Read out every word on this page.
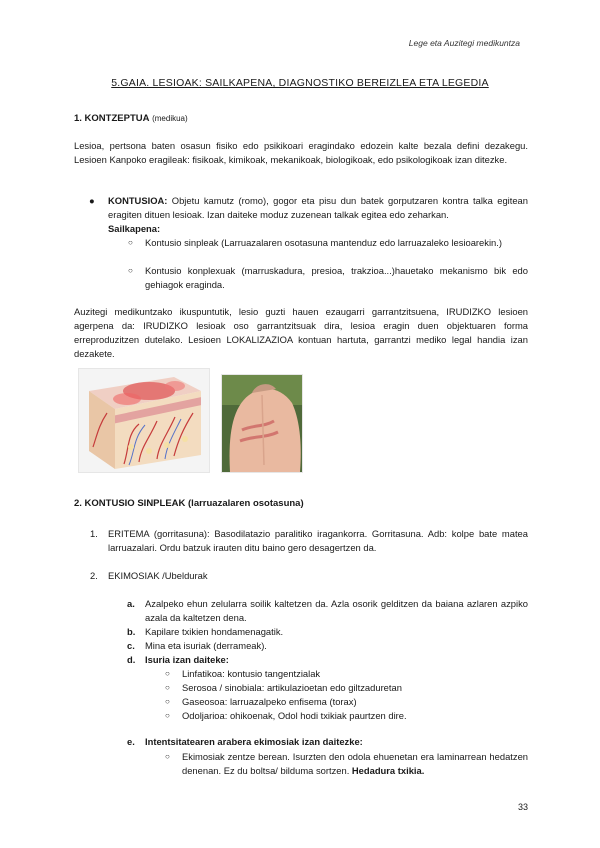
Lege eta Auzitegi medikuntza
5.GAIA. LESIOAK: SAILKAPENA, DIAGNOSTIKO BEREIZLEA ETA LEGEDIA
1. KONTZEPTUA (medikua)
Lesioa, pertsona baten osasun fisiko edo psikikoari eragindako edozein kalte bezala defini dezakegu. Lesioen Kanpoko eragileak: fisikoak, kimikoak, mekanikoak, biologikoak, edo psikologikoak izan ditezke.
● KONTUSIOA: Objetu kamutz (romo), gogor eta pisu dun batek gorputzaren kontra talka egitean eragiten dituen lesioak. Izan daiteke moduz zuzenean talkak egitea edo zeharkan.
Sailkapena:
○ Kontusio sinpleak (Larruazalaren osotasuna mantenduz edo larruazaleko lesioarekin.)
○ Kontusio konplexuak (marruskadura, presioa, trakzioa...)hauetako mekanismo bik edo gehiagok eraginda.
Auzitegi medikuntzako ikuspuntutik, lesio guzti hauen ezaugarri garrantzitsuena, IRUDIZKO lesioen agerpena da: IRUDIZKO lesioak oso garrantzitsuak dira, lesioa eragin duen objektuaren forma erreproduzitzen dutelako. Lesioen LOKALIZAZIOA kontuan hartuta, garrantzi mediko legal handia izan dezakete.
2. KONTUSIO SINPLEAK (larruazalaren osotasuna)
1. ERITEMA (gorritasuna): Basodilatazio paralitiko iragankorra. Gorritasuna. Adb: kolpe bate matea larruazalari. Ordu batzuk irauten ditu baino gero desagertzen da.
2. EKIMOSIAK /Ubeldurak
a. Azalpeko ehun zelularra soilik kaltetzen da. Azla osorik gelditzen da baiana azlaren azpiko azala da kaltetzen dena.
b. Kapilare txikien hondamenagatik.
c. Mina eta isuriak (derrameak).
d. Isuria izan daiteke:
○ Linfatikoa: kontusio tangentzialak
○ Serosoa / sinobiala: artikulazioetan edo giltzaduretan
○ Gaseosoa: larruazalpeko enfisema (torax)
○ Odoljarioa: ohikoenak, Odol hodi txikiak paurtzen dire.
e. Intentsitatearen arabera ekimosiak izan daitezke:
○ Ekimosiak zentze berean. Isurzten den odola ehuenetan era laminarrean hedatzen denenan. Ez du boltsa/ bilduma sortzen. Hedadura txikia.
33
